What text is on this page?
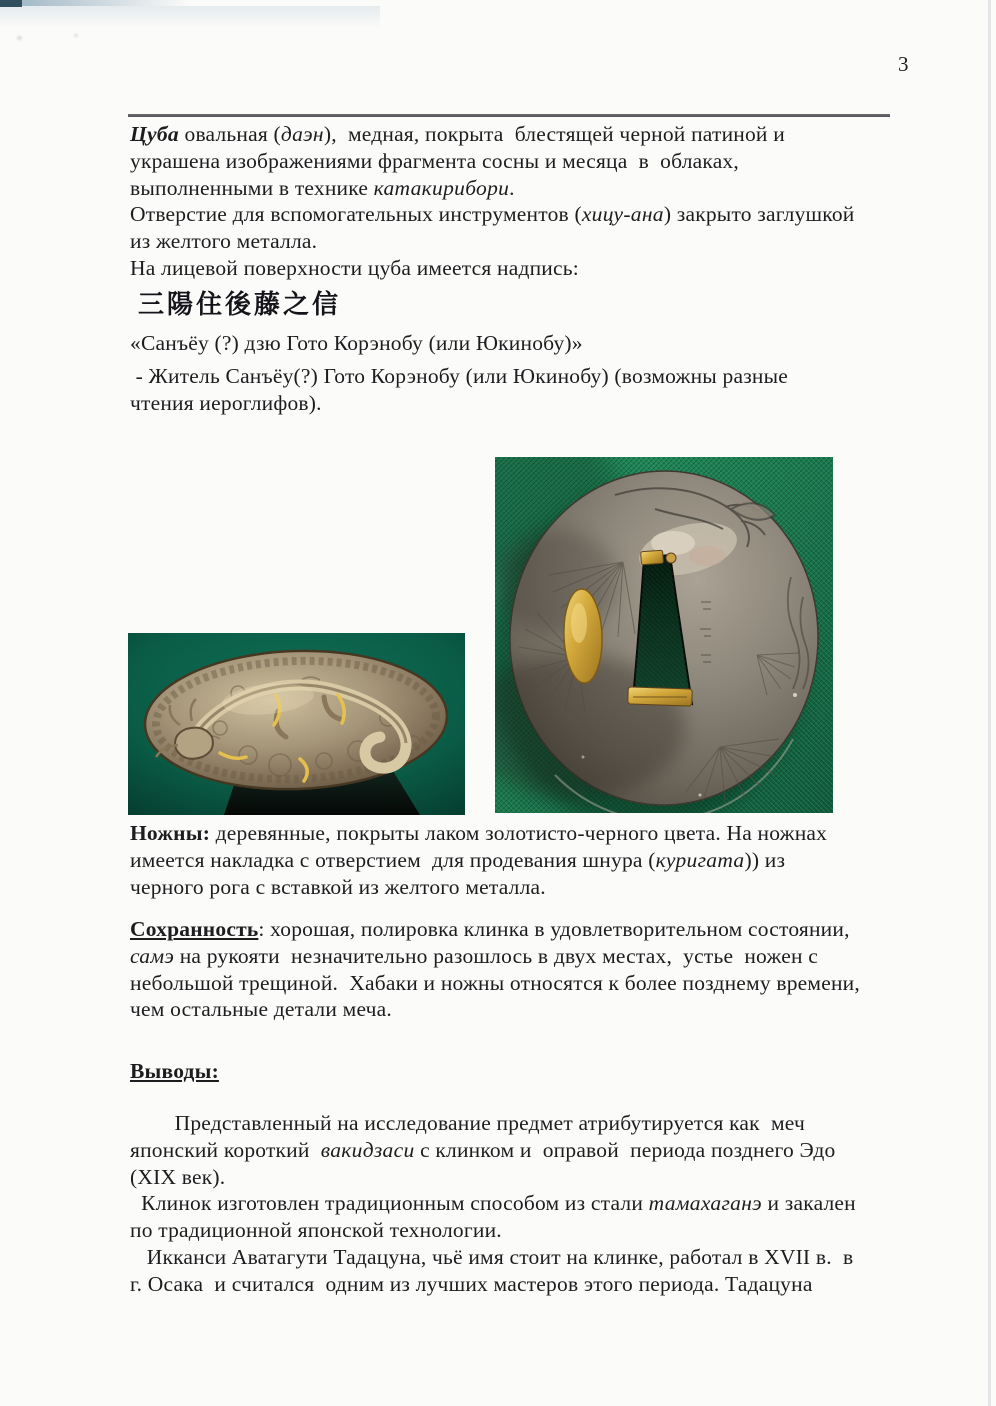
3
Цуба овальная (даэн),  медная, покрыта  блестящей черной патиной и
украшена изображениями фрагмента сосны и месяца  в  облаках,
выполненными в технике катакирибори.
Отверстие для вспомогательных инструментов (хицу-ана) закрыто заглушкой
из желтого металла.
На лицевой поверхности цуба имеется надпись:
三陽住後藤之信
«Санъёу (?) дзю Гото Корэнобу (или Юкинобу)»
- Житель Санъёу(?) Гото Корэнобу (или Юкинобу) (возможны разные
чтения иероглифов).
Ножны: деревянные, покрыты лаком золотисто-черного цвета. На ножнах
имеется накладка с отверстием  для продевания шнура (куригата)) из
черного рога с вставкой из желтого металла.
Сохранность: хорошая, полировка клинка в удовлетворительном состоянии,
самэ на рукояти  незначительно разошлось в двух местах,  устье  ножен с
небольшой трещиной.  Хабаки и ножны относятся к более позднему времени,
чем остальные детали меча.
Выводы:
Представленный на исследование предмет атрибутируется как  меч
японский короткий  вакидзаси с клинком и  оправой  периода позднего Эдо
(XIX век).
Клинок изготовлен традиционным способом из стали тамахаганэ и закален
по традиционной японской технологии.
Икканси Аватагути Тадацуна, чьё имя стоит на клинке, работал в XVII в.  в
г. Осака  и считался  одним из лучших мастеров этого периода. Тадацуна
